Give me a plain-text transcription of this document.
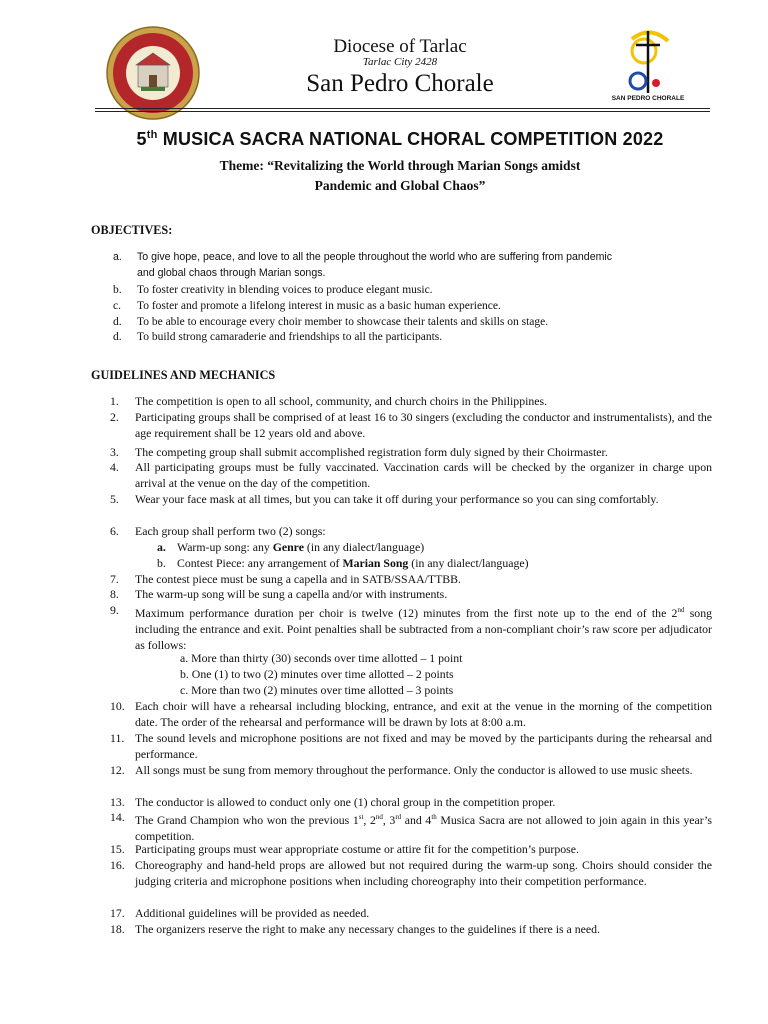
Diocese of Tarlac
Tarlac City 2428
San Pedro Chorale
SAN PEDRO CHORALE
5th MUSICA SACRA NATIONAL CHORAL COMPETITION 2022
Theme: “Revitalizing the World through Marian Songs amidst
Pandemic and Global Chaos”
OBJECTIVES:
a.	To give hope, peace, and love to all the people throughout the world who are suffering from pandemic
and global chaos through Marian songs.
b.	To foster creativity in blending voices to produce elegant music.
c.	To foster and promote a lifelong interest in music as a basic human experience.
d.	To be able to encourage every choir member to showcase their talents and skills on stage.
d.	To build strong camaraderie and friendships to all the participants.
GUIDELINES AND MECHANICS
1.	The competition is open to all school, community, and church choirs in the Philippines.
2.	Participating groups shall be comprised of at least 16 to 30 singers (excluding the conductor and instrumentalists), and the age requirement shall be 12 years old and above.
3.	The competing group shall submit accomplished registration form duly signed by their Choirmaster.
4.	All participating groups must be fully vaccinated. Vaccination cards will be checked by the organizer in charge upon arrival at the venue on the day of the competition.
5.	Wear your face mask at all times, but you can take it off during your performance so you can sing comfortably.
6.	Each group shall perform two (2) songs:
a. Warm-up song: any Genre (in any dialect/language)
b. Contest Piece: any arrangement of Marian Song (in any dialect/language)
7.	The contest piece must be sung a capella and in SATB/SSAA/TTBB.
8.	The warm-up song will be sung a capella and/or with instruments.
9.	Maximum performance duration per choir is twelve (12) minutes from the first note up to the end of the 2nd song including the entrance and exit. Point penalties shall be subtracted from a non-compliant choir’s raw score per adjudicator as follows:
a. More than thirty (30) seconds over time allotted – 1 point
b. One (1) to two (2) minutes over time allotted – 2 points
c. More than two (2) minutes over time allotted – 3 points
10. Each choir will have a rehearsal including blocking, entrance, and exit at the venue in the morning of the competition date. The order of the rehearsal and performance will be drawn by lots at 8:00 a.m.
11. The sound levels and microphone positions are not fixed and may be moved by the participants during the rehearsal and performance.
12. All songs must be sung from memory throughout the performance. Only the conductor is allowed to use music sheets.
13. The conductor is allowed to conduct only one (1) choral group in the competition proper.
14. The Grand Champion who won the previous 1st, 2nd, 3rd and 4th Musica Sacra are not allowed to join again in this year’s competition.
15. Participating groups must wear appropriate costume or attire fit for the competition’s purpose.
16. Choreography and hand-held props are allowed but not required during the warm-up song. Choirs should consider the judging criteria and microphone positions when including choreography into their competition performance.
17. Additional guidelines will be provided as needed.
18. The organizers reserve the right to make any necessary changes to the guidelines if there is a need.
